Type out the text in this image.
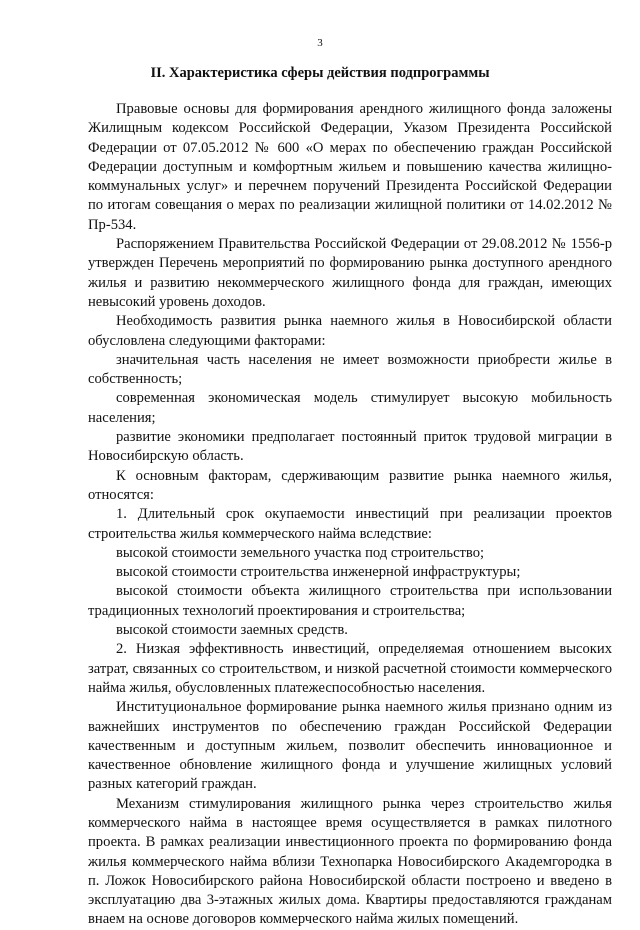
3
II. Характеристика сферы действия подпрограммы

Правовые основы для формирования арендного жилищного фонда заложены Жилищным кодексом Российской Федерации, Указом Президента Российской Федерации от 07.05.2012 № 600 «О мерах по обеспечению граждан Российской Федерации доступным и комфортным жильем и повышению качества жилищно-коммунальных услуг» и перечнем поручений Президента Российской Федерации по итогам совещания о мерах по реализации жилищной политики от 14.02.2012 № Пр-534.

Распоряжением Правительства Российской Федерации от 29.08.2012 № 1556-р утвержден Перечень мероприятий по формированию рынка доступного арендного жилья и развитию некоммерческого жилищного фонда для граждан, имеющих невысокий уровень доходов.

Необходимость развития рынка наемного жилья в Новосибирской области обусловлена следующими факторами:

значительная часть населения не имеет возможности приобрести жилье в собственность;

современная экономическая модель стимулирует высокую мобильность населения;

развитие экономики предполагает постоянный приток трудовой миграции в Новосибирскую область.

К основным факторам, сдерживающим развитие рынка наемного жилья, относятся:

1. Длительный срок окупаемости инвестиций при реализации проектов строительства жилья коммерческого найма вследствие:

высокой стоимости земельного участка под строительство;

высокой стоимости строительства инженерной инфраструктуры;

высокой стоимости объекта жилищного строительства при использовании традиционных технологий проектирования и строительства;

высокой стоимости заемных средств.

2. Низкая эффективность инвестиций, определяемая отношением высоких затрат, связанных со строительством, и низкой расчетной стоимости коммерческого найма жилья, обусловленных платежеспособностью населения.

Институциональное формирование рынка наемного жилья признано одним из важнейших инструментов по обеспечению граждан Российской Федерации качественным и доступным жильем, позволит обеспечить инновационное и качественное обновление жилищного фонда и улучшение жилищных условий разных категорий граждан.

Механизм стимулирования жилищного рынка через строительство жилья коммерческого найма в настоящее время осуществляется в рамках пилотного проекта. В рамках реализации инвестиционного проекта по формированию фонда жилья коммерческого найма вблизи Технопарка Новосибирского Академгородка в п. Ложок Новосибирского района Новосибирской области построено и введено в эксплуатацию два 3-этажных жилых дома. Квартиры предоставляются гражданам внаем на основе договоров коммерческого найма жилых помещений.
